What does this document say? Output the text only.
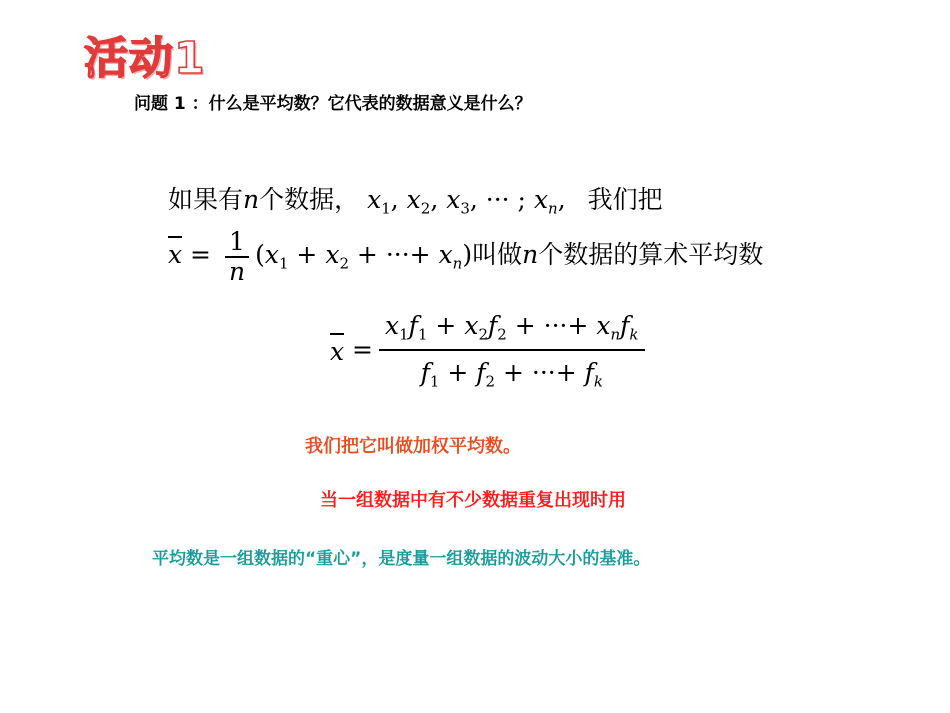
活动1
问题 1 ：什么是平均数？它代表的数据意义是什么？
如果有n个数据， $x_1$, $x_2$, $x_3$, ··· ; $x_n$, 我们把
$x = \frac{1}{n} (x_1 + x_2$ + ···+ $x_n$)叫做n个数据的算术平均数
$x = \frac{x_1f_1 + x_2f_2 + \cdot\cdot\cdot+ x_nf_k}{f_1 + f_2 + \cdot\cdot\cdot+ f_k}$
我们把它叫做加权平均数。
当一组数据中有不少数据重复出现时用
平均数是一组数据的“重心”，是度量一组数据的波动大小的基准。
